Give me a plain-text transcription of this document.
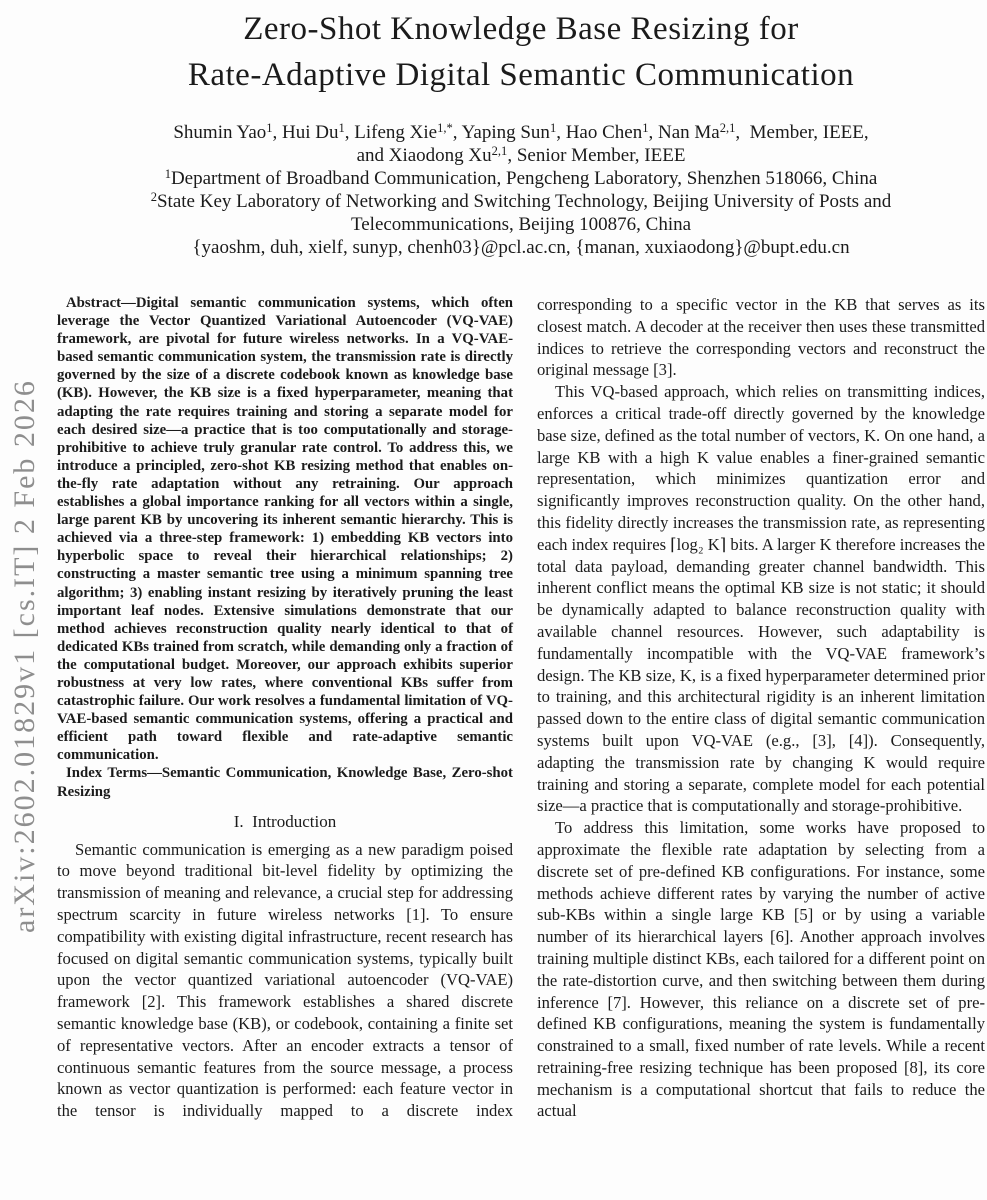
arXiv:2602.01829v1 [cs.IT] 2 Feb 2026
Zero-Shot Knowledge Base Resizing for
Rate-Adaptive Digital Semantic Communication
Shumin Yao$^1$, Hui Du$^1$, Lifeng Xie$^{1,*}$, Yaping Sun$^1$, Hao Chen$^1$, Nan Ma$^{2,1}$,  Member, IEEE,
and Xiaodong Xu$^{2,1}$, Senior Member, IEEE
$^1$Department of Broadband Communication, Pengcheng Laboratory, Shenzhen 518066, China
$^2$State Key Laboratory of Networking and Switching Technology, Beijing University of Posts and
Telecommunications, Beijing 100876, China
{yaoshm, duh, xielf, sunyp, chenh03}@pcl.ac.cn, {manan, xuxiaodong}@bupt.edu.cn

Abstract—Digital semantic communication systems, which often leverage the Vector Quantized Variational Autoencoder (VQ-VAE) framework, are pivotal for future wireless networks. In a VQ-VAE-based semantic communication system, the transmission rate is directly governed by the size of a discrete codebook known as knowledge base (KB). However, the KB size is a fixed hyperparameter, meaning that adapting the rate requires training and storing a separate model for each desired size—a practice that is too computationally and storage-prohibitive to achieve truly granular rate control. To address this, we introduce a principled, zero-shot KB resizing method that enables on-the-fly rate adaptation without any retraining. Our approach establishes a global importance ranking for all vectors within a single, large parent KB by uncovering its inherent semantic hierarchy. This is achieved via a three-step framework: 1) embedding KB vectors into hyperbolic space to reveal their hierarchical relationships; 2) constructing a master semantic tree using a minimum spanning tree algorithm; 3) enabling instant resizing by iteratively pruning the least important leaf nodes. Extensive simulations demonstrate that our method achieves reconstruction quality nearly identical to that of dedicated KBs trained from scratch, while demanding only a fraction of the computational budget. Moreover, our approach exhibits superior robustness at very low rates, where conventional KBs suffer from catastrophic failure. Our work resolves a fundamental limitation of VQ-VAE-based semantic communication systems, offering a practical and efficient path toward flexible and rate-adaptive semantic communication.

Index Terms—Semantic Communication, Knowledge Base, Zero-shot Resizing

I. Introduction

Semantic communication is emerging as a new paradigm poised to move beyond traditional bit-level fidelity by optimizing the transmission of meaning and relevance, a crucial step for addressing spectrum scarcity in future wireless networks [1]. To ensure compatibility with existing digital infrastructure, recent research has focused on digital semantic communication systems, typically built upon the vector quantized variational autoencoder (VQ-VAE) framework [2]. This framework establishes a shared discrete semantic knowledge base (KB), or codebook, containing a finite set of representative vectors. After an encoder extracts a tensor of continuous semantic features from the source message, a process known as vector quantization is performed: each feature vector in the tensor is individually mapped to a discrete index

corresponding to a specific vector in the KB that serves as its closest match. A decoder at the receiver then uses these transmitted indices to retrieve the corresponding vectors and reconstruct the original message [3].

This VQ-based approach, which relies on transmitting indices, enforces a critical trade-off directly governed by the knowledge base size, defined as the total number of vectors, K. On one hand, a large KB with a high K value enables a finer-grained semantic representation, which minimizes quantization error and significantly improves reconstruction quality. On the other hand, this fidelity directly increases the transmission rate, as representing each index requires ⌈log₂ K⌉ bits. A larger K therefore increases the total data payload, demanding greater channel bandwidth. This inherent conflict means the optimal KB size is not static; it should be dynamically adapted to balance reconstruction quality with available channel resources. However, such adaptability is fundamentally incompatible with the VQ-VAE framework’s design. The KB size, K, is a fixed hyperparameter determined prior to training, and this architectural rigidity is an inherent limitation passed down to the entire class of digital semantic communication systems built upon VQ-VAE (e.g., [3], [4]). Consequently, adapting the transmission rate by changing K would require training and storing a separate, complete model for each potential size—a practice that is computationally and storage-prohibitive.

To address this limitation, some works have proposed to approximate the flexible rate adaptation by selecting from a discrete set of pre-defined KB configurations. For instance, some methods achieve different rates by varying the number of active sub-KBs within a single large KB [5] or by using a variable number of its hierarchical layers [6]. Another approach involves training multiple distinct KBs, each tailored for a different point on the rate-distortion curve, and then switching between them during inference [7]. However, this reliance on a discrete set of pre-defined KB configurations, meaning the system is fundamentally constrained to a small, fixed number of rate levels. While a recent retraining-free resizing technique has been proposed [8], its core mechanism is a computational shortcut that fails to reduce the actual
